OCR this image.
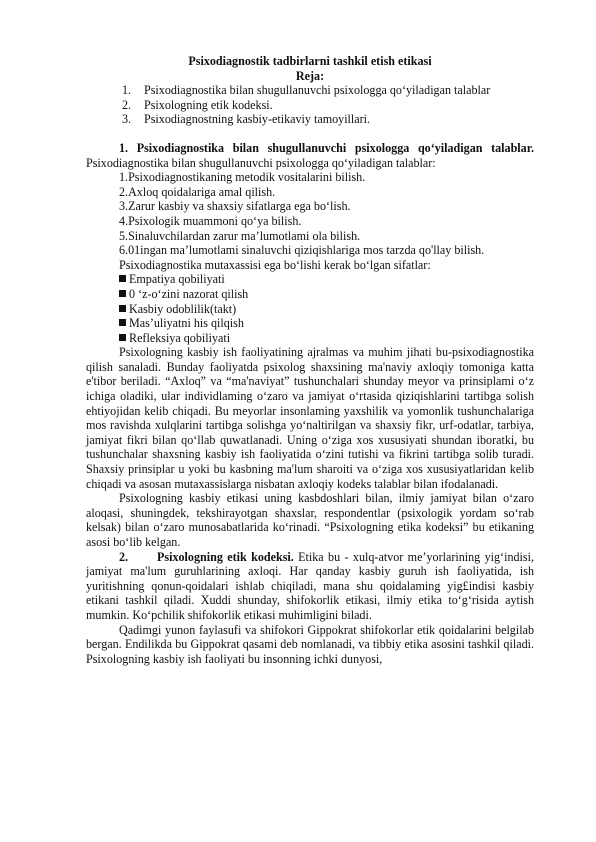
Psixodiagnostik tadbirlarni tashkil etish etikasi

Reja:

1.	Psixodiagnostika bilan shugullanuvchi psixologga qo‘yiladigan talablar
2.	Psixologning etik kodeksi.
3.	Psixodiagnostning kasbiy-etikaviy tamoyillari.

1. Psixodiagnostika bilan shugullanuvchi psixologga qo‘yiladigan talablar. Psixodiagnostika bilan shugullanuvchi psixologga qo‘yiladigan talablar:

1.Psixodiagnostikaning metodik vositalarini bilish.

2.Axloq qoidalariga amal qilish.

3.Zarur kasbiy va shaxsiy sifatlarga ega bo‘lish.

4.Psixologik muammoni qo‘ya bilish.

5.Sinaluvchilardan zarur ma’lumotlami ola bilish.

6.01ingan ma’lumotlami sinaluvchi qiziqishlariga mos tarzda qo'llay bilish.

Psixodiagnostika mutaxassisi ega bo‘lishi kerak bo‘lgan sifatlar:

Empatiya qobiliyati

0 ‘z-o‘zini nazorat qilish

Kasbiy odoblilik(takt)

Mas’uliyatni his qilqish

Refleksiya qobiliyati

Psixologning kasbiy ish faoliyatining ajralmas va muhim jihati bu-psixodiagnostika qilish sanaladi. Bunday faoliyatda psixolog shaxsining ma'naviy axloqiy tomoniga katta e'tibor beriladi. “Axloq” va “ma'naviyat” tushunchalari shunday meyor va prinsiplami o‘z ichiga oladiki, ular individlaming o‘zaro va jamiyat o‘rtasida qiziqishlarini tartibga solish ehtiyojidan kelib chiqadi. Bu meyorlar insonlaming yaxshilik va yomonlik tushunchalariga mos ravishda xulqlarini tartibga solishga yo‘naltirilgan va shaxsiy fikr, urf-odatlar, tarbiya, jamiyat fikri bilan qo‘llab quwatlanadi. Uning o‘ziga xos xususiyati shundan iboratki, bu tushunchalar shaxsning kasbiy ish faoliyatida o‘zini tutishi va fikrini tartibga solib turadi. Shaxsiy prinsiplar u yoki bu kasbning ma'lum sharoiti va o‘ziga xos xususiyatlaridan kelib chiqadi va asosan mutaxassislarga nisbatan axloqiy kodeks talablar bilan ifodalanadi.

Psixologning kasbiy etikasi uning kasbdoshlari bilan, ilmiy jamiyat bilan o‘zaro aloqasi, shuningdek, tekshirayotgan shaxslar, respondentlar (psixologik yordam so‘rab kelsak) bilan o‘zaro munosabatlarida ko‘rinadi. “Psixologning etika kodeksi” bu etikaning asosi bo‘lib kelgan.

2. Psixologning etik kodeksi. Etika bu - xulq-atvor me’yorlarining yig‘indisi, jamiyat ma'lum guruhlarining axloqi. Har qanday kasbiy guruh ish faoliyatida, ish yuritishning qonun-qoidalari ishlab chiqiladi, mana shu qoidalaming yig£indisi kasbiy etikani tashkil qiladi. Xuddi shunday, shifokorlik etikasi, ilmiy etika to‘g‘risida aytish mumkin. Ko‘pchilik shifokorlik etikasi muhimligini biladi.

Qadimgi yunon faylasufi va shifokori Gippokrat shifokorlar etik qoidalarini belgilab bergan. Endilikda bu Gippokrat qasami deb nomlanadi, va tibbiy etika asosini tashkil qiladi. Psixologning kasbiy ish faoliyati bu insonning ichki dunyosi,
